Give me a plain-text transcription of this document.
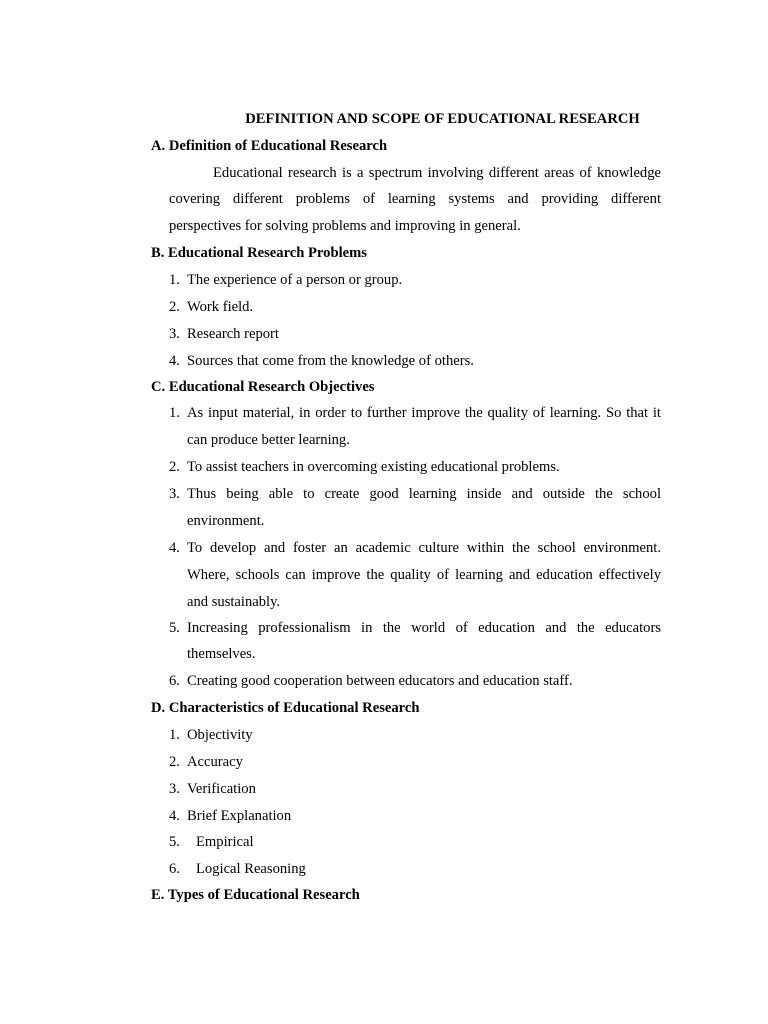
DEFINITION AND SCOPE OF EDUCATIONAL RESEARCH
A. Definition of Educational Research
Educational research is a spectrum involving different areas of knowledge
covering different problems of learning systems and providing different
perspectives for solving problems and improving in general.
B. Educational Research Problems
1. The experience of a person or group.
2. Work field.
3. Research report
4. Sources that come from the knowledge of others.
C. Educational Research Objectives
1. As input material, in order to further improve the quality of learning. So that it
can produce better learning.
2. To assist teachers in overcoming existing educational problems.
3. Thus being able to create good learning inside and outside the school
environment.
4. To develop and foster an academic culture within the school environment.
Where, schools can improve the quality of learning and education effectively
and sustainably.
5. Increasing professionalism in the world of education and the educators
themselves.
6. Creating good cooperation between educators and education staff.
D. Characteristics of Educational Research
1. Objectivity
2. Accuracy
3. Verification
4. Brief Explanation
5. Empirical
6. Logical Reasoning
E. Types of Educational Research
